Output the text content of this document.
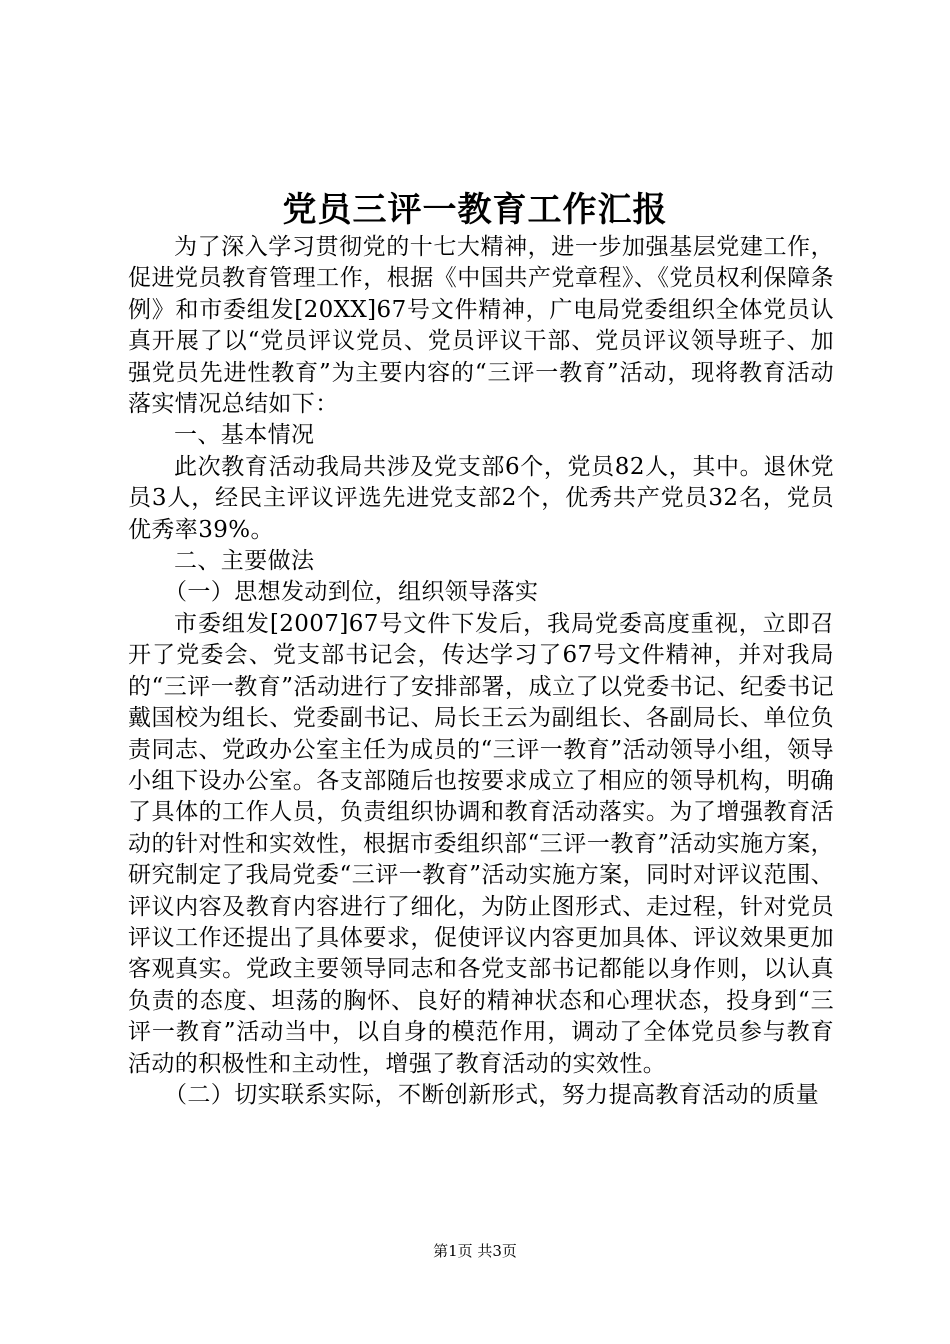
党员三评一教育工作汇报

为了深入学习贯彻党的十七大精神，进一步加强基层党建工作，促进党员教育管理工作，根据《中国共产党章程》、《党员权利保障条例》和市委组发[20XX]67号文件精神，广电局党委组织全体党员认真开展了以“党员评议党员、党员评议干部、党员评议领导班子、加强党员先进性教育”为主要内容的“三评一教育”活动，现将教育活动落实情况总结如下：

一、基本情况

此次教育活动我局共涉及党支部6个，党员82人，其中。退休党员3人，经民主评议评选先进党支部2个，优秀共产党员32名，党员优秀率39%。

二、主要做法

（一）思想发动到位，组织领导落实

市委组发[2007]67号文件下发后，我局党委高度重视，立即召开了党委会、党支部书记会，传达学习了67号文件精神，并对我局的“三评一教育”活动进行了安排部署，成立了以党委书记、纪委书记戴国校为组长、党委副书记、局长王云为副组长、各副局长、单位负责同志、党政办公室主任为成员的“三评一教育”活动领导小组，领导小组下设办公室。各支部随后也按要求成立了相应的领导机构，明确了具体的工作人员，负责组织协调和教育活动落实。为了增强教育活动的针对性和实效性，根据市委组织部“三评一教育”活动实施方案，研究制定了我局党委“三评一教育”活动实施方案，同时对评议范围、评议内容及教育内容进行了细化，为防止图形式、走过程，针对党员评议工作还提出了具体要求，促使评议内容更加具体、评议效果更加客观真实。党政主要领导同志和各党支部书记都能以身作则，以认真负责的态度、坦荡的胸怀、良好的精神状态和心理状态，投身到“三评一教育”活动当中，以自身的模范作用，调动了全体党员参与教育活动的积极性和主动性，增强了教育活动的实效性。

（二）切实联系实际，不断创新形式，努力提高教育活动的质量

第1页 共3页
